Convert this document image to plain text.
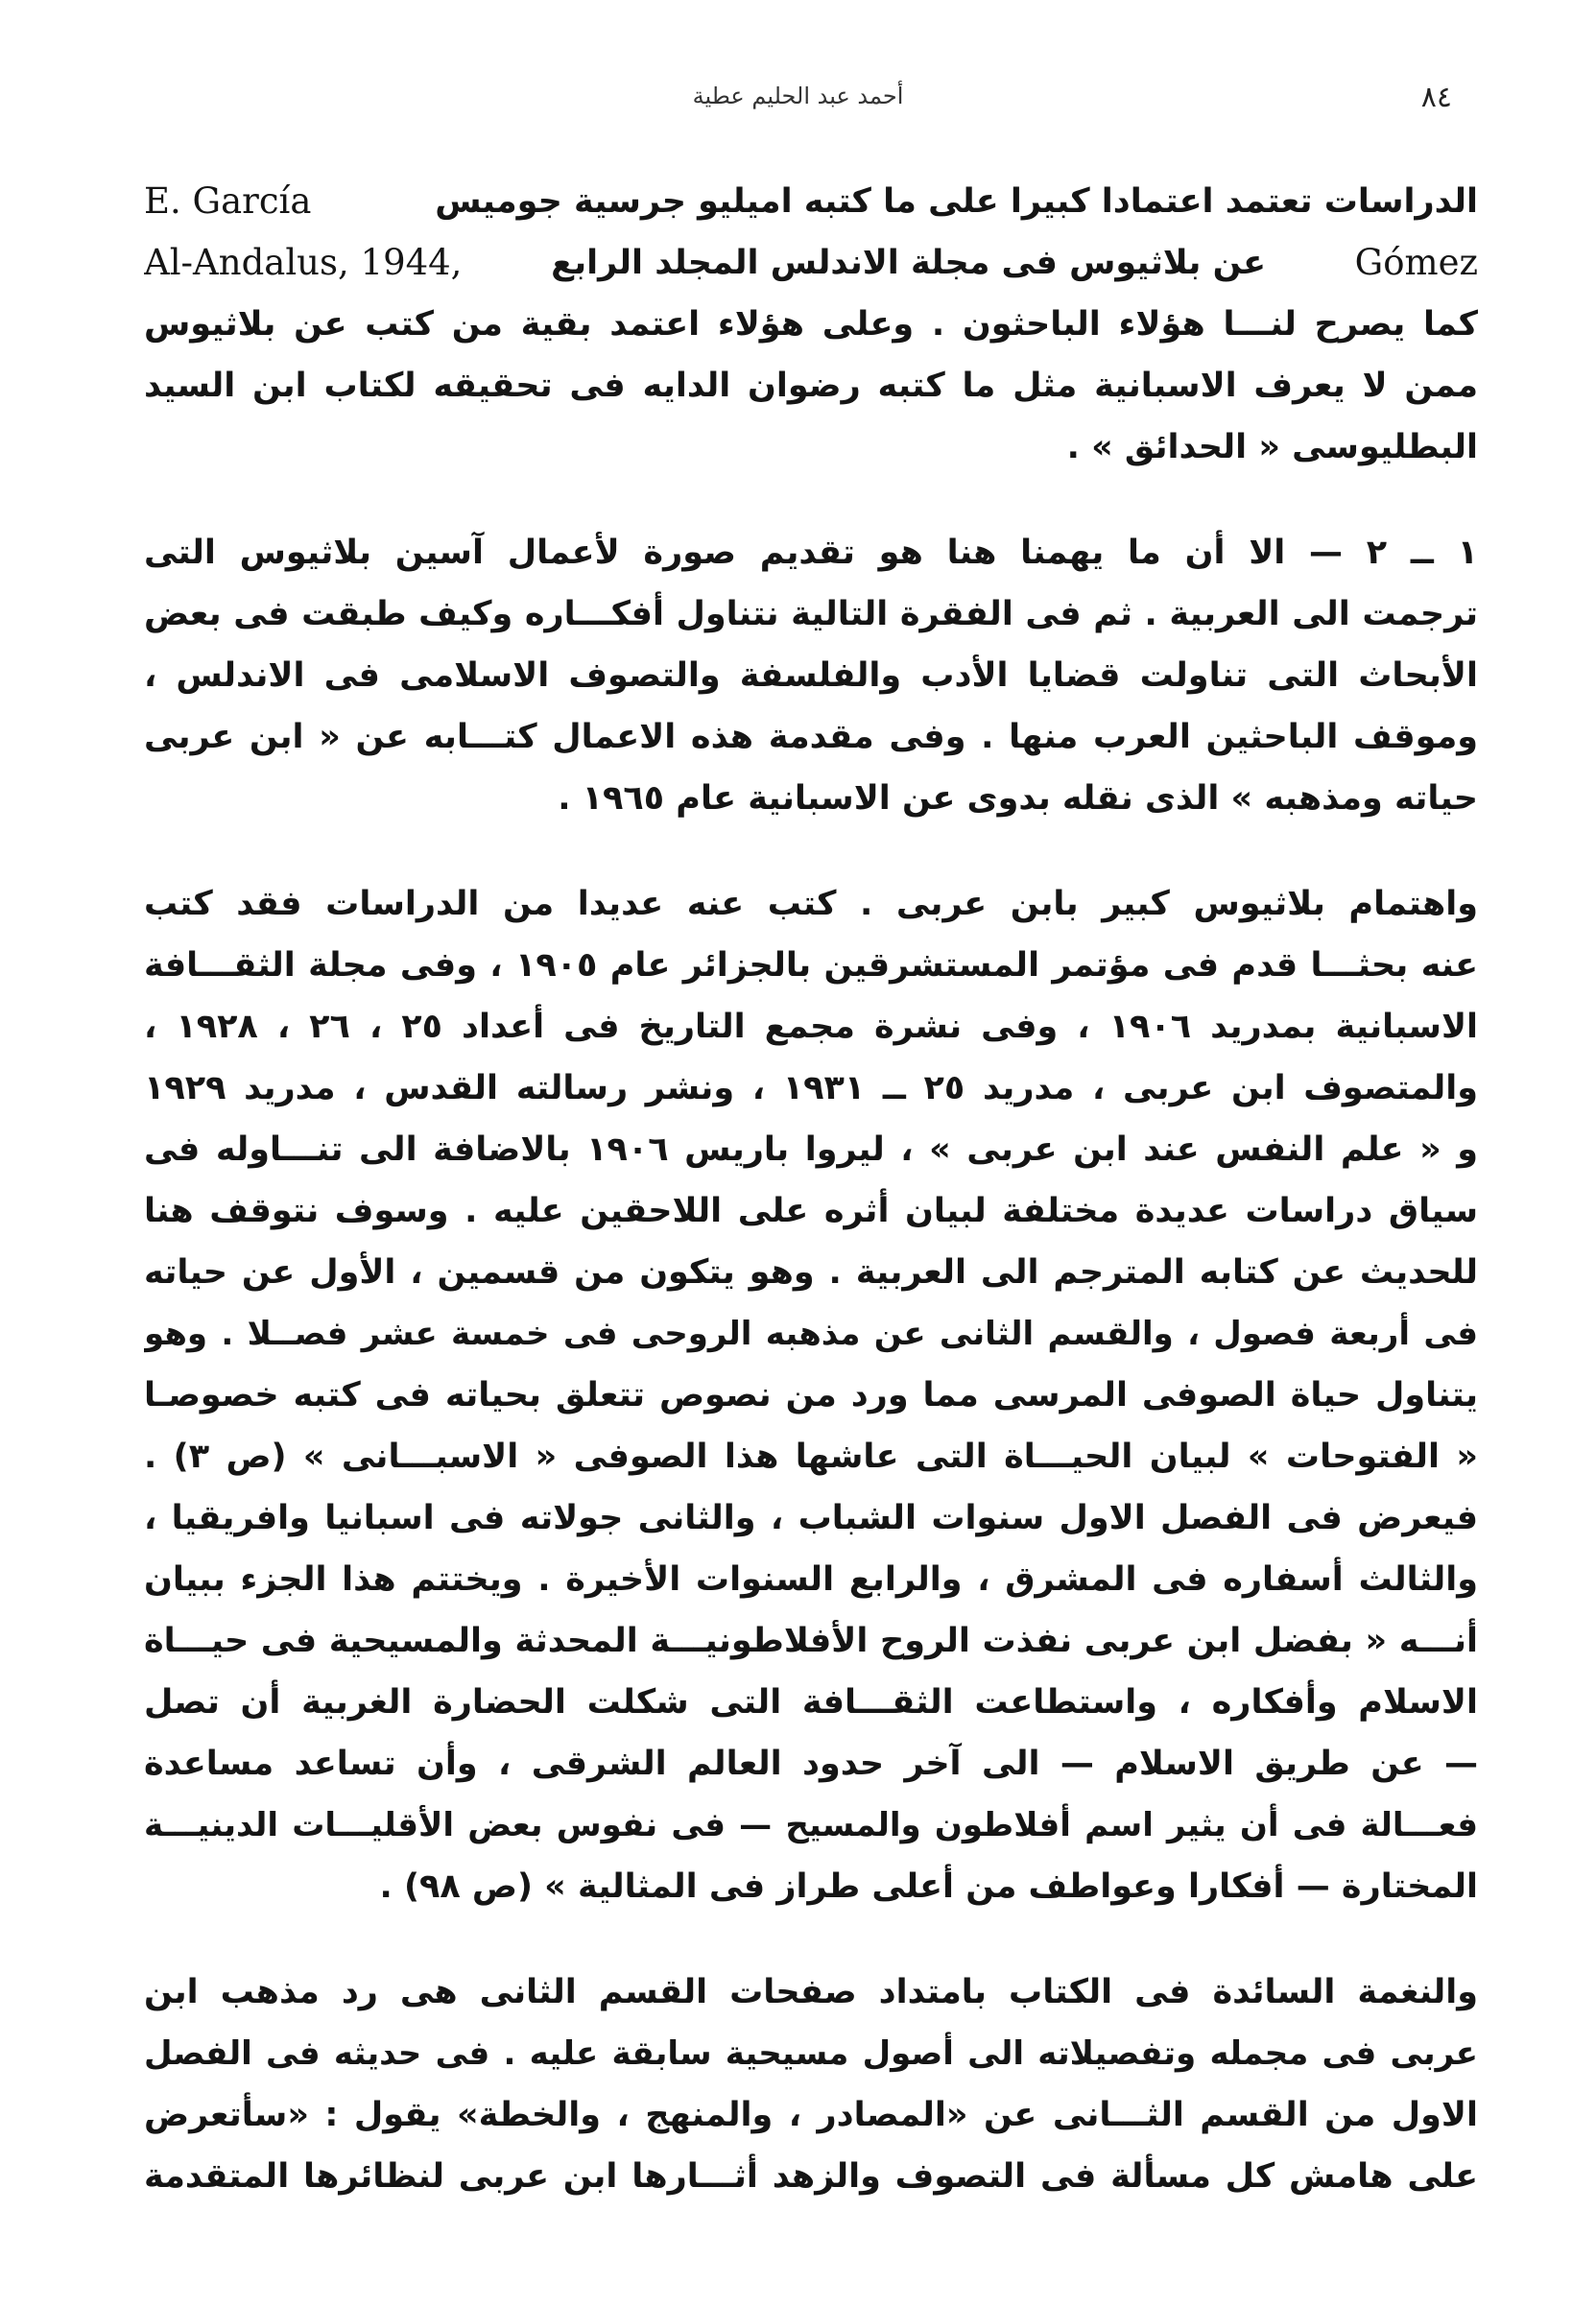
أحمد عبد الحليم عطية	٨٤
الدراسات تعتمد اعتمادا كبيرا على ما كتبه اميليو جرسية جوميس
E. García
Gómez
عن بلاثيوس فى مجلة الاندلس المجلد الرابع
Al-Andalus, 1944,
كما يصرح لنـــا هؤلاء الباحثون . وعلى هؤلاء اعتمد بقية من كتب عن بلاثيوس
ممن لا يعرف الاسبانية مثل ما كتبه رضوان الدايه فى تحقيقه لكتاب ابن السيد
البطليوسى « الحدائق » .
١ ــ ٢ — الا أن ما يهمنا هنا هو تقديم صورة لأعمال آسين بلاثيوس التى
ترجمت الى العربية . ثم فى الفقرة التالية نتناول أفكـــاره وكيف طبقت فى بعض
الأبحاث التى تناولت قضايا الأدب والفلسفة والتصوف الاسلامى فى الاندلس ،
وموقف الباحثين العرب منها . وفى مقدمة هذه الاعمال كتـــابه عن « ابن عربى
حياته ومذهبه » الذى نقله بدوى عن الاسبانية عام ١٩٦٥ .
واهتمام بلاثيوس كبير بابن عربى . كتب عنه عديدا من الدراسات فقد كتب
عنه بحثـــا قدم فى مؤتمر المستشرقين بالجزائر عام ١٩٠٥ ، وفى مجلة الثقـــافة
الاسبانية بمدريد ١٩٠٦ ، وفى نشرة مجمع التاريخ فى أعداد ٢٥ ، ٢٦ ، ١٩٢٨ ،
والمتصوف ابن عربى ، مدريد ٢٥ ــ ١٩٣١ ، ونشر رسالته القدس ، مدريد ١٩٢٩
و « علم النفس عند ابن عربى » ، ليروا باريس ١٩٠٦ بالاضافة الى تنـــاوله فى
سياق دراسات عديدة مختلفة لبيان أثره على اللاحقين عليه . وسوف نتوقف هنا
للحديث عن كتابه المترجم الى العربية . وهو يتكون من قسمين ، الأول عن حياته
فى أربعة فصول ، والقسم الثانى عن مذهبه الروحى فى خمسة عشر فصــلا . وهو
يتناول حياة الصوفى المرسى مما ورد من نصوص تتعلق بحياته فى كتبه خصوصـا
« الفتوحات » لبيان الحيـــاة التى عاشها هذا الصوفى « الاسبـــانى » (ص ٣) .
فيعرض فى الفصل الاول سنوات الشباب ، والثانى جولاته فى اسبانيا وافريقيا ،
والثالث أسفاره فى المشرق ، والرابع السنوات الأخيرة . ويختتم هذا الجزء ببيان
أنـــه « بفضل ابن عربى نفذت الروح الأفلاطونيـــة المحدثة والمسيحية فى حيـــاة
الاسلام وأفكاره ، واستطاعت الثقـــافة التى شكلت الحضارة الغربية أن تصل
— عن طريق الاسلام — الى آخر حدود العالم الشرقى ، وأن تساعد مساعدة
فعـــالة فى أن يثير اسم أفلاطون والمسيح — فى نفوس بعض الأقليـــات الدينيـــة
المختارة — أفكارا وعواطف من أعلى طراز فى المثالية » (ص ٩٨) .
والنغمة السائدة فى الكتاب بامتداد صفحات القسم الثانى هى رد مذهب ابن
عربى فى مجمله وتفصيلاته الى أصول مسيحية سابقة عليه . فى حديثه فى الفصل
الاول من القسم الثـــانى عن «المصادر ، والمنهج ، والخطة» يقول : «سأتعرض
على هامش كل مسألة فى التصوف والزهد أثـــارها ابن عربى لنظائرها المتقدمة
